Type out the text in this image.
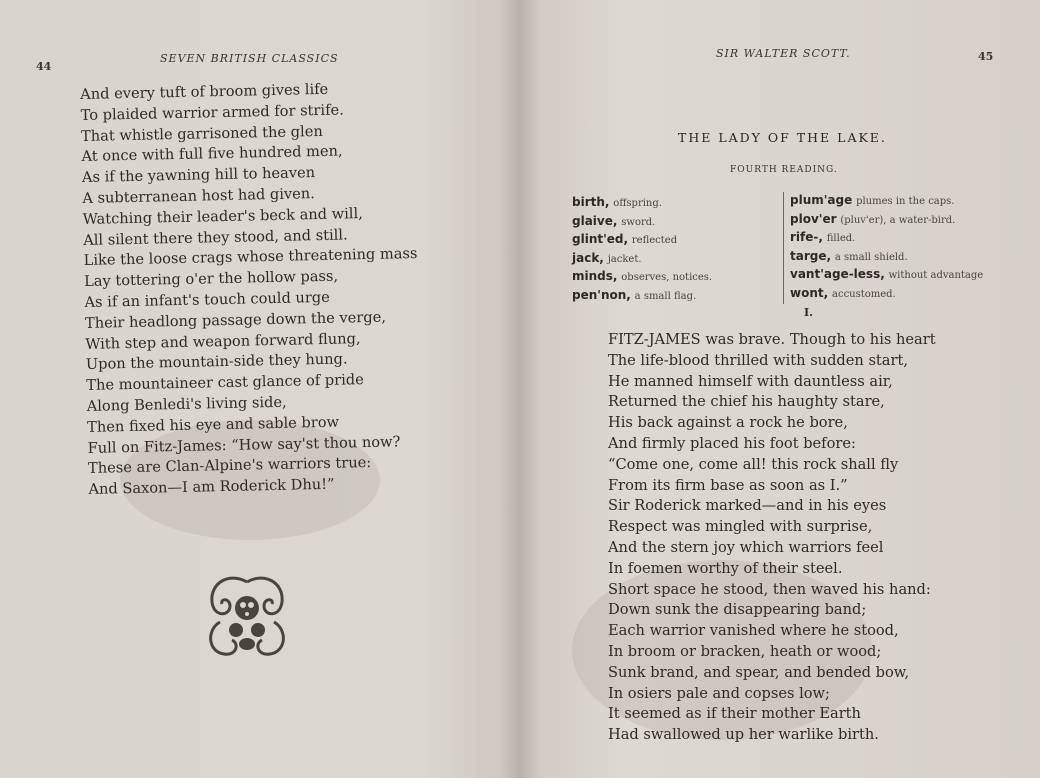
44
SEVEN BRITISH CLASSICS
And every tuft of broom gives life
To plaided warrior armed for strife.
That whistle garrisoned the glen
At once with full five hundred men,
As if the yawning hill to heaven
A subterranean host had given.
Watching their leader's beck and will,
All silent there they stood, and still.
Like the loose crags whose threatening mass
Lay tottering o'er the hollow pass,
As if an infant's touch could urge
Their headlong passage down the verge,
With step and weapon forward flung,
Upon the mountain-side they hung.
The mountaineer cast glance of pride
Along Benledi's living side,
Then fixed his eye and sable brow
Full on Fitz-James: “How say'st thou now?
These are Clan-Alpine's warriors true:
And Saxon—I am Roderick Dhu!”
SIR WALTER SCOTT.	45
THE LADY OF THE LAKE.
FOURTH READING.
birth, offspring.
glaive, sword.
glint'ed, reflected
jack, jacket.
minds, observes, notices.
pen'non, a small flag.
plum'age plumes in the caps.
plov'er (pluv'er), a water-bird.
rife-, filled.
targe, a small shield.
vant'age-less, without advantage
wont, accustomed.
I.
FITZ-JAMES was brave. Though to his heart
The life-blood thrilled with sudden start,
He manned himself with dauntless air,
Returned the chief his haughty stare,
His back against a rock he bore,
And firmly placed his foot before:
“Come one, come all! this rock shall fly
From its firm base as soon as I.”
Sir Roderick marked—and in his eyes
Respect was mingled with surprise,
And the stern joy which warriors feel
In foemen worthy of their steel.
Short space he stood, then waved his hand:
Down sunk the disappearing band;
Each warrior vanished where he stood,
In broom or bracken, heath or wood;
Sunk brand, and spear, and bended bow,
In osiers pale and copses low;
It seemed as if their mother Earth
Had swallowed up her warlike birth.
